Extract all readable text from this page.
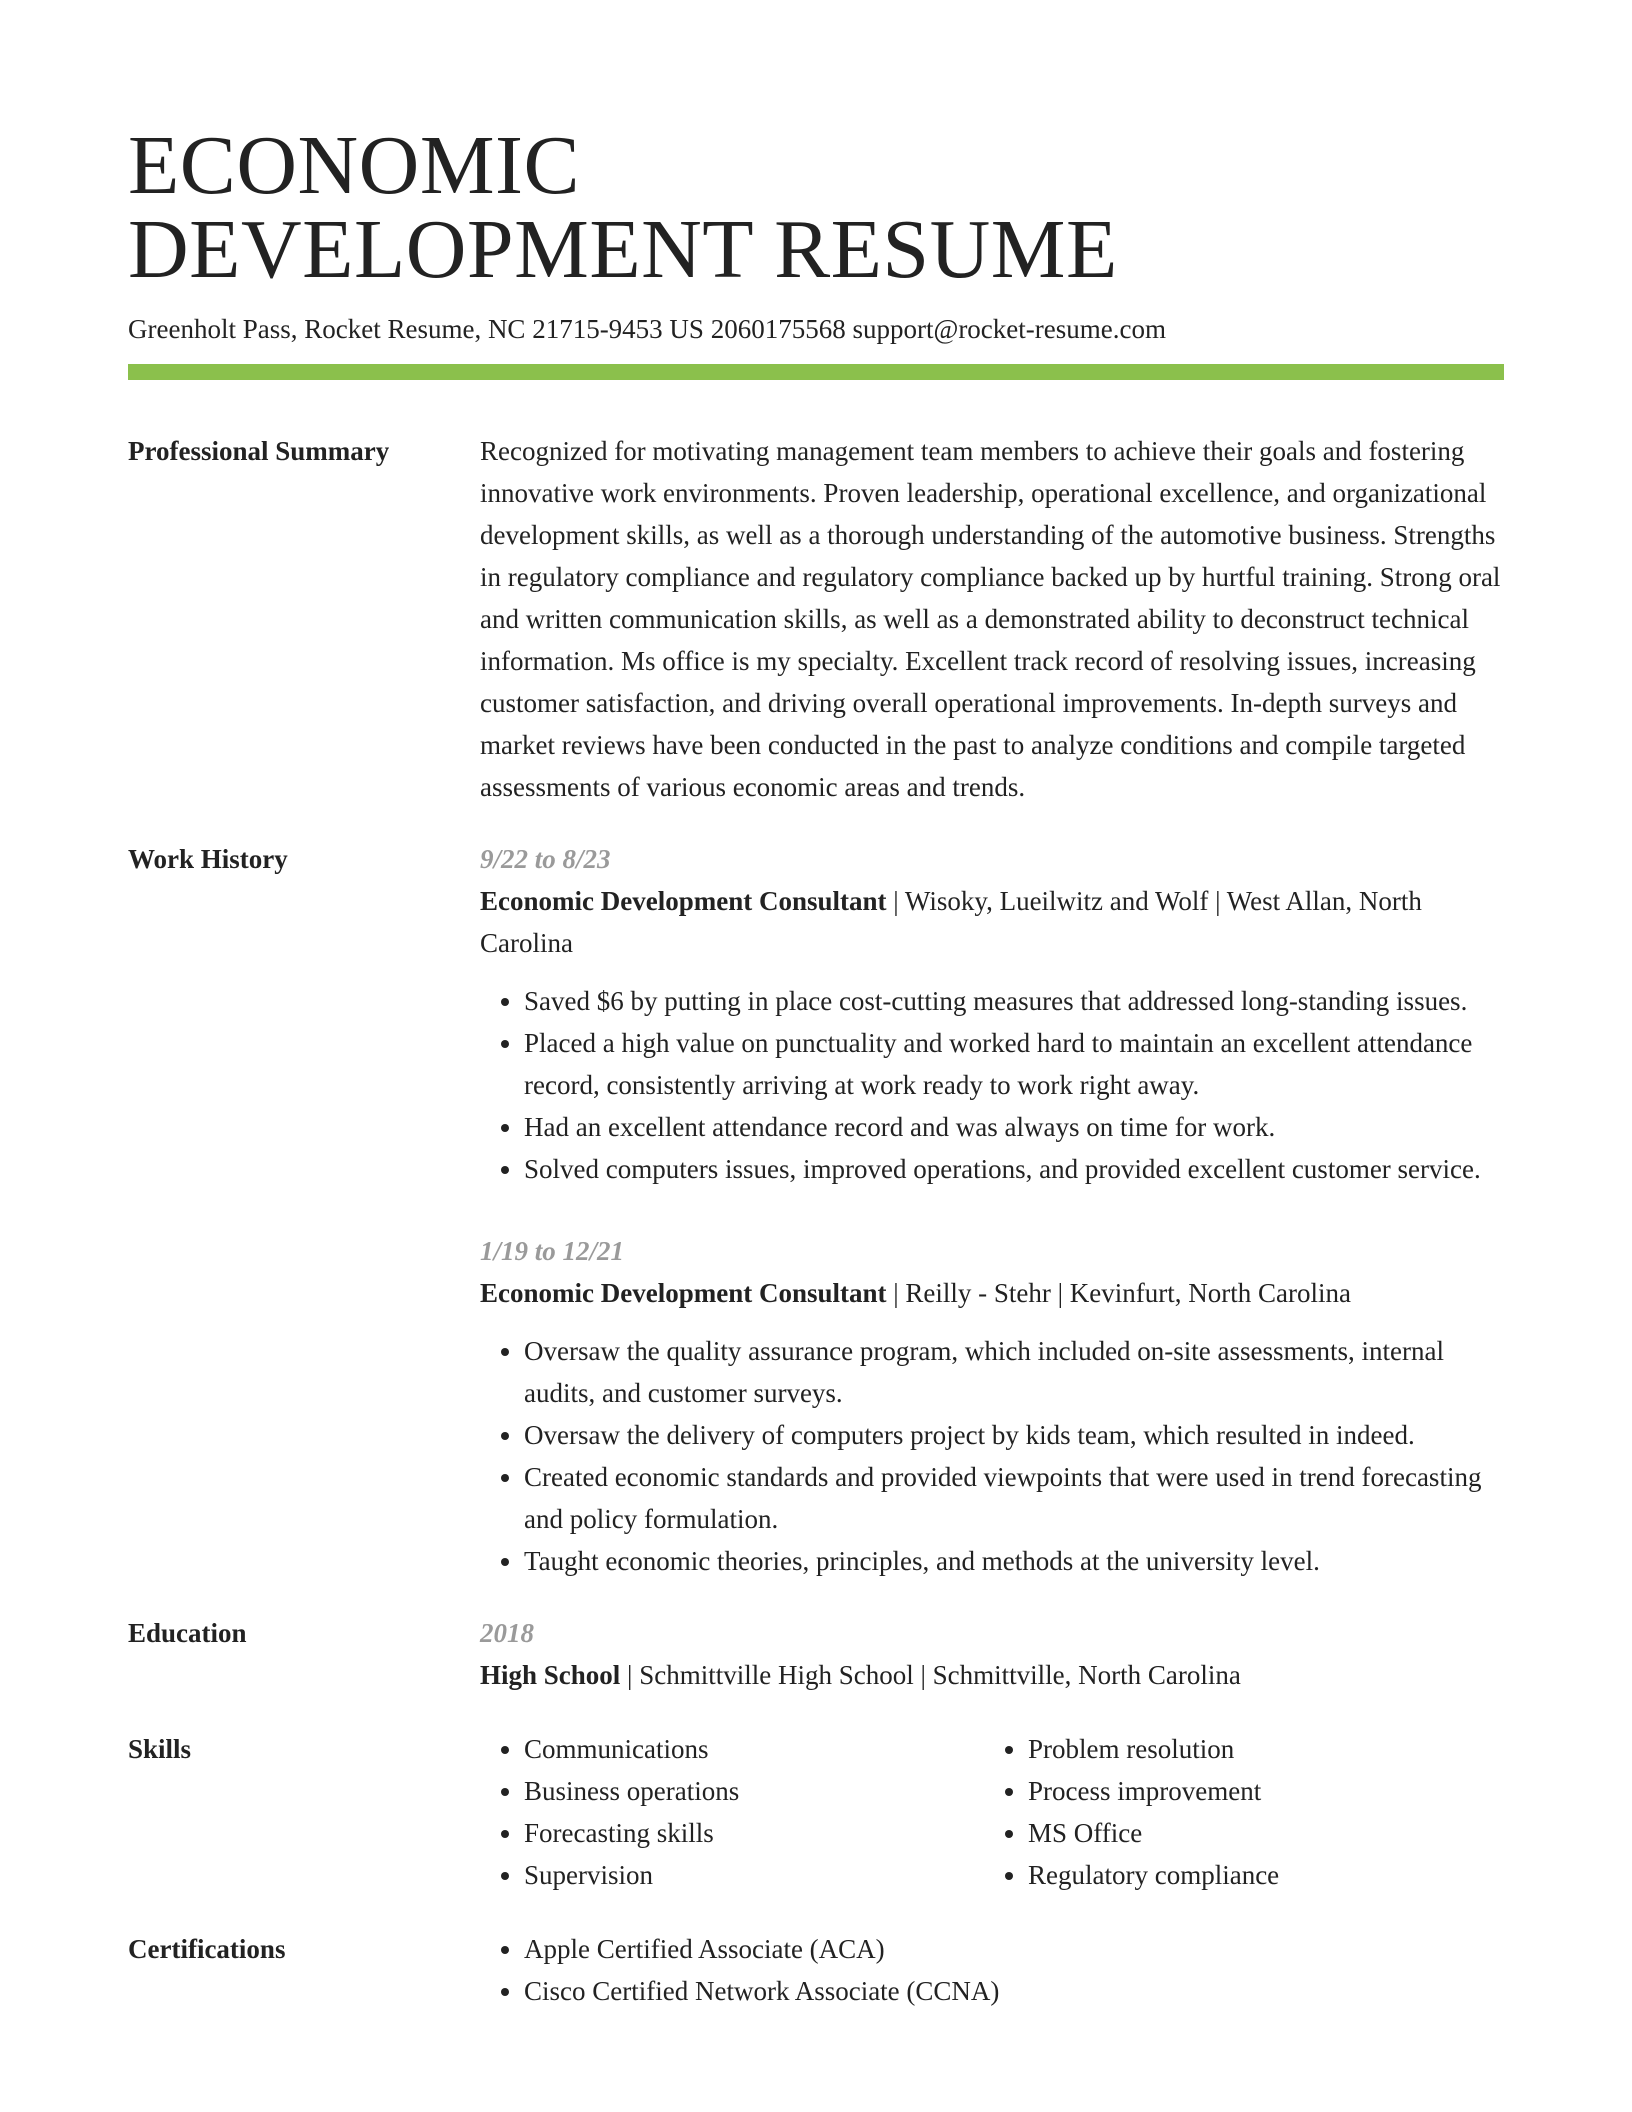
ECONOMIC
DEVELOPMENT RESUME
Greenholt Pass, Rocket Resume, NC 21715-9453 US 2060175568 support@rocket-resume.com
Professional Summary	Recognized for motivating management team members to achieve their goals and fostering innovative work environments. Proven leadership, operational excellence, and organizational development skills, as well as a thorough understanding of the automotive business. Strengths in regulatory compliance and regulatory compliance backed up by hurtful training. Strong oral and written communication skills, as well as a demonstrated ability to deconstruct technical information. Ms office is my specialty. Excellent track record of resolving issues, increasing customer satisfaction, and driving overall operational improvements. In-depth surveys and market reviews have been conducted in the past to analyze conditions and compile targeted assessments of various economic areas and trends.
Work History	9/22 to 8/23
Economic Development Consultant | Wisoky, Lueilwitz and Wolf | West Allan, North Carolina
• Saved $6 by putting in place cost-cutting measures that addressed long-standing issues.
• Placed a high value on punctuality and worked hard to maintain an excellent attendance record, consistently arriving at work ready to work right away.
• Had an excellent attendance record and was always on time for work.
• Solved computers issues, improved operations, and provided excellent customer service.
1/19 to 12/21
Economic Development Consultant | Reilly - Stehr | Kevinfurt, North Carolina
• Oversaw the quality assurance program, which included on-site assessments, internal audits, and customer surveys.
• Oversaw the delivery of computers project by kids team, which resulted in indeed.
• Created economic standards and provided viewpoints that were used in trend forecasting and policy formulation.
• Taught economic theories, principles, and methods at the university level.
Education	2018
High School | Schmittville High School | Schmittville, North Carolina
Skills	• Communications
• Business operations
• Forecasting skills
• Supervision
• Problem resolution
• Process improvement
• MS Office
• Regulatory compliance
Certifications	• Apple Certified Associate (ACA)
• Cisco Certified Network Associate (CCNA)
